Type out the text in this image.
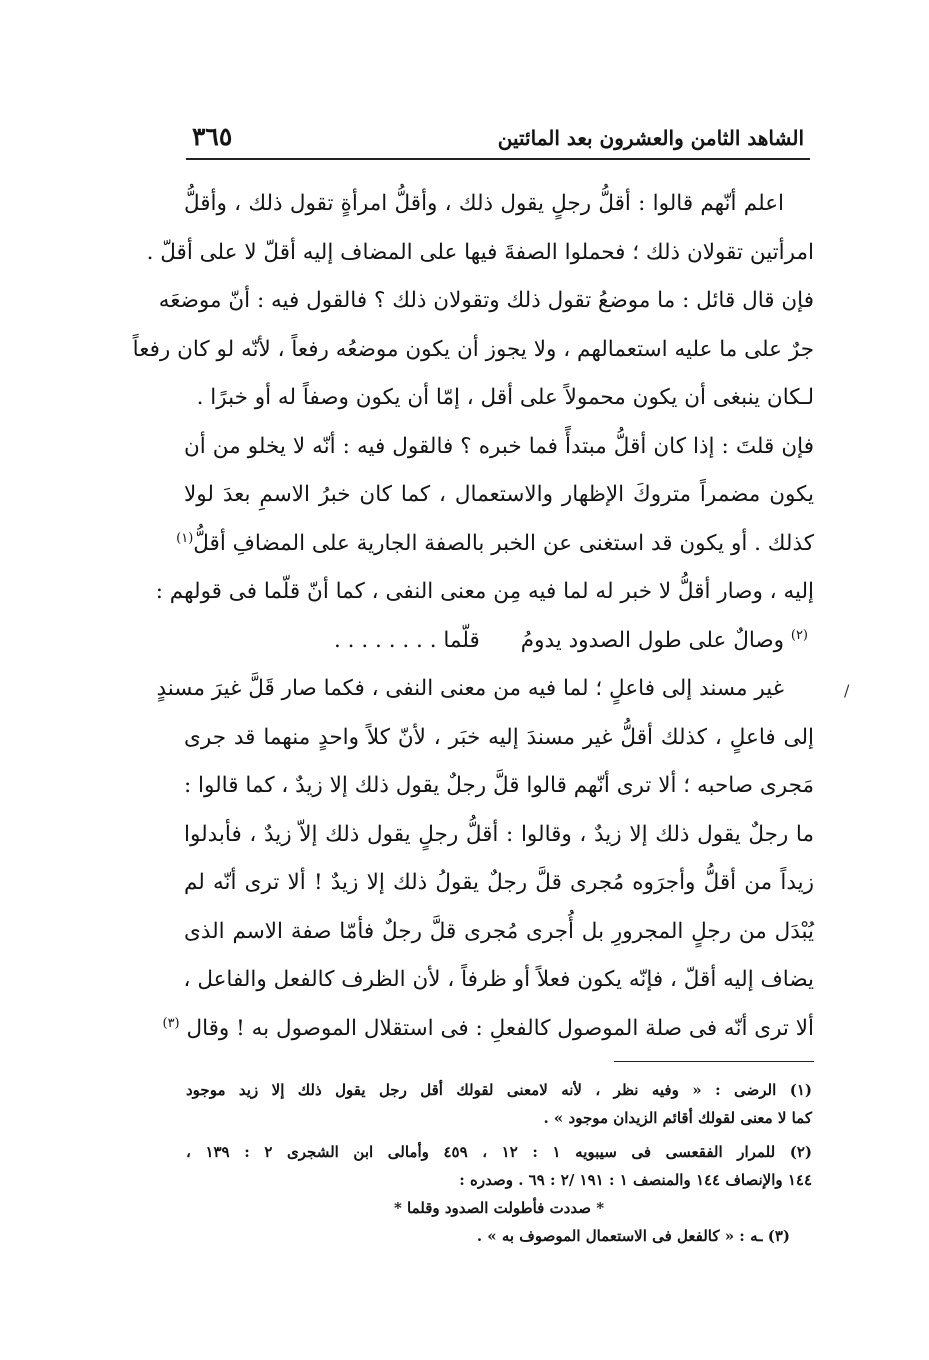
الشاهد الثامن والعشرون بعد المائتين
٣٦٥
/
اعلم أنّهم قالوا : أقلُّ رجلٍ يقول ذلك ، وأقلُّ امرأةٍ تقول ذلك ، وأقلُّ
امرأتين تقولان ذلك ؛ فحملوا الصفةَ فيها على المضاف إليه أقلّ لا على أقلّ .
فإن قال قائل : ما موضعُ تقول ذلك وتقولان ذلك ؟ فالقول فيه : أنّ موضعَه
جرٌ على ما عليه استعمالهم ، ولا يجوز أن يكون موضعُه رفعاً ، لأنّه لو كان رفعاً
لـكان ينبغى أن يكون محمولاً على أقل ، إمّا أن يكون وصفاً له أو خبرًا .
فإن قلتَ : إذا كان أقلُّ مبتدأً فما خبره ؟ فالقول فيه : أنّه لا يخلو من أن
يكون مضمراً متروكَ الإظهار والاستعمال ، كما كان خبرُ الاسمِ بعدَ لولا
كذلك . أو يكون قد استغنى عن الخبر بالصفة الجارية على المضافِ أقلُّ$^{(١)}$
إليه ، وصار أقلُّ لا خبر له لما فيه مِن معنى النفى ، كما أنّ قلّما فى قولهم :
$^{(٢)}$ وصالٌ على طول الصدود يدومُ      قلّما . . . . . . . .
غير مسند إلى فاعلٍ ؛ لما فيه من معنى النفى ، فكما صار قَلَّ غيرَ مسندٍ
إلى فاعلٍ ، كذلك أقلُّ غير مسندَ إليه خبَر ، لأنّ كلاً واحدٍ منهما قد جرى
مَجرى صاحبه ؛ ألا ترى أنّهم قالوا قلَّ رجلٌ يقول ذلك إلا زيدٌ ، كما قالوا :
ما رجلٌ يقول ذلك إلا زيدٌ ، وقالوا : أقلُّ رجلٍ يقول ذلك إلاّ زيدٌ ، فأبدلوا
زيداً من أقلُّ وأجرَوه مُجرى قلَّ رجلٌ يقولُ ذلك إلا زيدٌ ! ألا ترى أنّه لم
يُبْدَل من رجلٍ المجرورِ بل أُجرى مُجرى قلَّ رجلٌ فأمّا صفة الاسم الذى
يضاف إليه أقلّ ، فإنّه يكون فعلاً أو ظرفاً ، لأن الظرف كالفعل والفاعل ،
ألا ترى أنّه فى صلة الموصول كالفعلِ : فى استقلال الموصول به ! وقال $^{(٣)}$
(١) الرضى : « وفيه نظر ، لأنه لامعنى لقولك أقل رجل يقول ذلك إلا زيد موجود
كما لا معنى لقولك أقائم الزيدان موجود » .
(٢) للمرار الفقعسى فى سيبويه ١ : ١٢ ، ٤٥٩ وأمالى ابن الشجرى ٢ : ١٣٩ ،
١٤٤ والإنصاف ١٤٤ والمنصف ١ : ١٩١ /٢ : ٦٩ . وصدره :
* صددت فأطولت الصدود وقلما *
(٣) ـه : « كالفعل فى الاستعمال الموصوف به » .
